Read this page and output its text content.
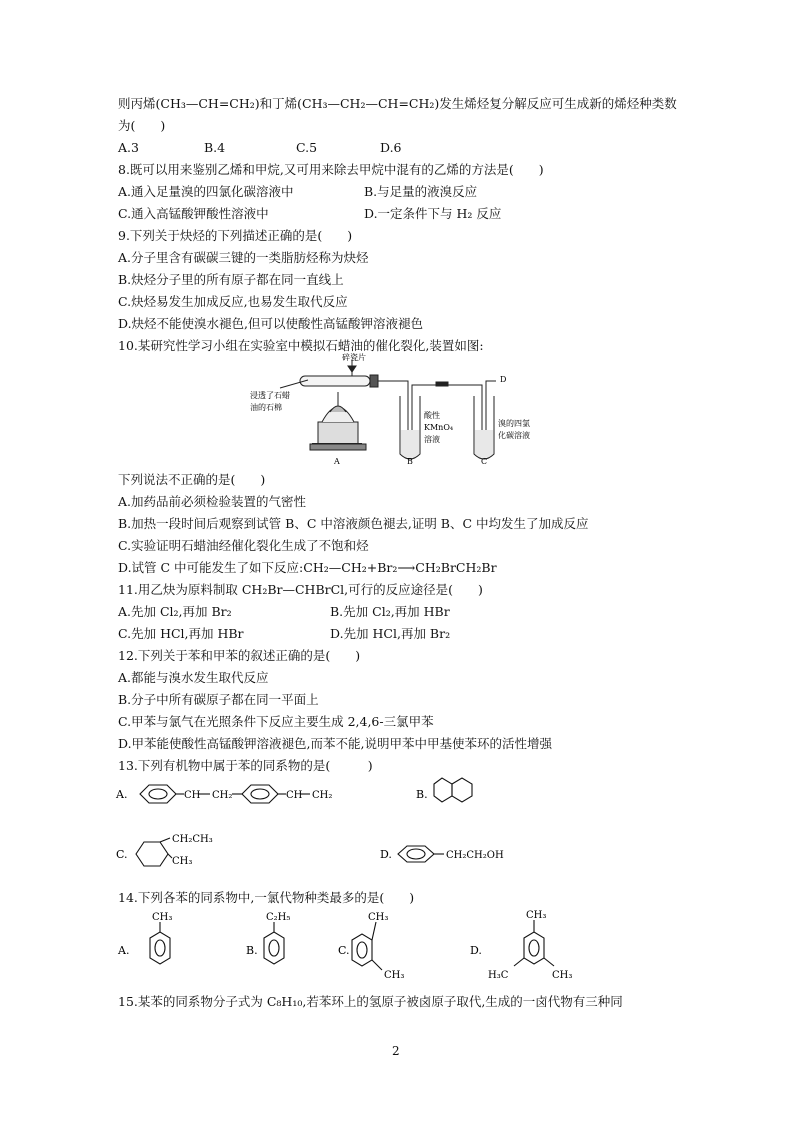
则丙烯(CH₃—CH=CH₂)和丁烯(CH₃—CH₂—CH=CH₂)发生烯烃复分解反应可生成新的烯烃种类数
为(　　)
A.3	B.4	C.5	D.6
8.既可以用来鉴别乙烯和甲烷,又可用来除去甲烷中混有的乙烯的方法是(　　)
A.通入足量溴的四氯化碳溶液中	B.与足量的液溴反应
C.通入高锰酸钾酸性溶液中	D.一定条件下与 H₂ 反应
9.下列关于炔烃的下列描述正确的是(　　)
A.分子里含有碳碳三键的一类脂肪烃称为炔烃
B.炔烃分子里的所有原子都在同一直线上
C.炔烃易发生加成反应,也易发生取代反应
D.炔烃不能使溴水褪色,但可以使酸性高锰酸钾溶液褪色
10.某研究性学习小组在实验室中模拟石蜡油的催化裂化,装置如图:
碎瓷片
浸透了石蜡
油的石棉
酸性
KMnO₄
溶液
溴的四氯
化碳溶液
A	B	C
D
下列说法不正确的是(　　)
A.加药品前必须检验装置的气密性
B.加热一段时间后观察到试管 B、C 中溶液颜色褪去,证明 B、C 中均发生了加成反应
C.实验证明石蜡油经催化裂化生成了不饱和烃
D.试管 C 中可能发生了如下反应:CH₂—CH₂+Br₂⟶CH₂BrCH₂Br
11.用乙炔为原料制取 CH₂Br—CHBrCl,可行的反应途径是(　　)
A.先加 Cl₂,再加 Br₂	B.先加 Cl₂,再加 HBr
C.先加 HCl,再加 HBr	D.先加 HCl,再加 Br₂
12.下列关于苯和甲苯的叙述正确的是(　　)
A.都能与溴水发生取代反应
B.分子中所有碳原子都在同一平面上
C.甲苯与氯气在光照条件下反应主要生成 2,4,6-三氯甲苯
D.甲苯能使酸性高锰酸钾溶液褪色,而苯不能,说明甲苯中甲基使苯环的活性增强
13.下列有机物中属于苯的同系物的是(　　　)
A.	CH CH₂	CH CH₂	B.
C.
CH₂CH₃
CH₃
D.	CH₂CH₂OH
14.下列各苯的同系物中,一氯代物种类最多的是(　　)
A.
CH₃
B.
C₂H₅
C.
CH₃
CH₃
D.
CH₃
H₃C	CH₃
15.某苯的同系物分子式为 C₈H₁₀,若苯环上的氢原子被卤原子取代,生成的一卤代物有三种同
2
